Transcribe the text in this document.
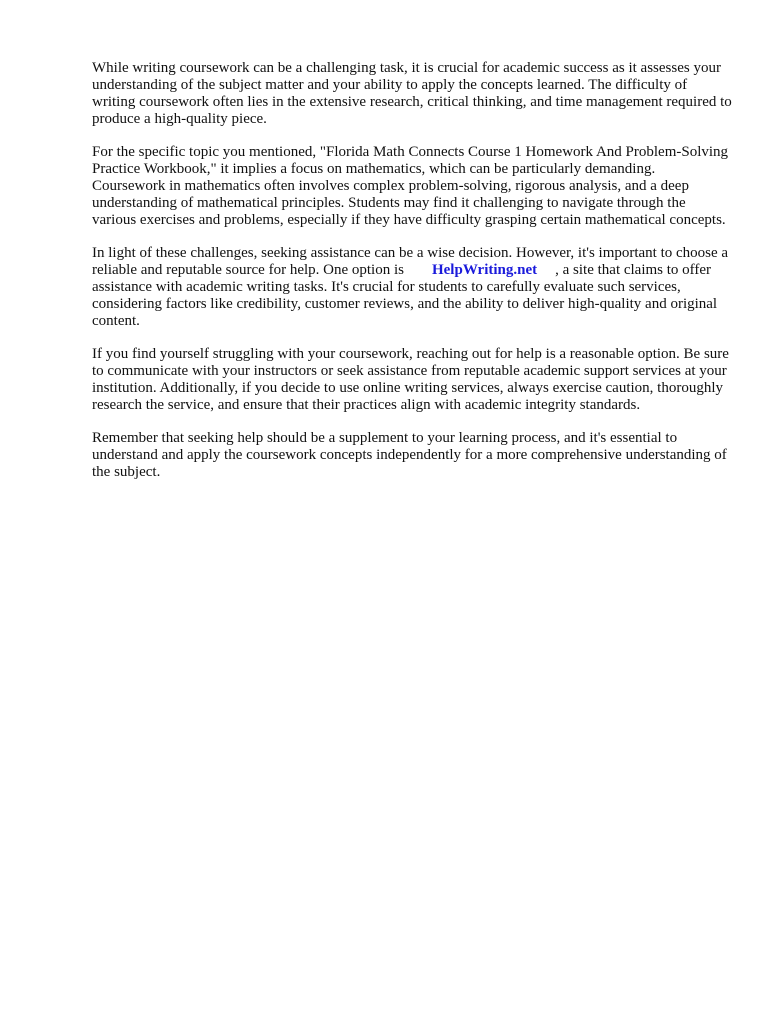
While writing coursework can be a challenging task, it is crucial for academic success as it assesses your understanding of the subject matter and your ability to apply the concepts learned. The difficulty of writing coursework often lies in the extensive research, critical thinking, and time management required to produce a high-quality piece.

For the specific topic you mentioned, "Florida Math Connects Course 1 Homework And Problem-Solving Practice Workbook," it implies a focus on mathematics, which can be particularly demanding. Coursework in mathematics often involves complex problem-solving, rigorous analysis, and a deep understanding of mathematical principles. Students may find it challenging to navigate through the various exercises and problems, especially if they have difficulty grasping certain mathematical concepts.

In light of these challenges, seeking assistance can be a wise decision. However, it's important to choose a reliable and reputable source for help. One option is HelpWriting.net , a site that claims to offer assistance with academic writing tasks. It's crucial for students to carefully evaluate such services, considering factors like credibility, customer reviews, and the ability to deliver high-quality and original content.

If you find yourself struggling with your coursework, reaching out for help is a reasonable option. Be sure to communicate with your instructors or seek assistance from reputable academic support services at your institution. Additionally, if you decide to use online writing services, always exercise caution, thoroughly research the service, and ensure that their practices align with academic integrity standards.

Remember that seeking help should be a supplement to your learning process, and it's essential to understand and apply the coursework concepts independently for a more comprehensive understanding of the subject.
